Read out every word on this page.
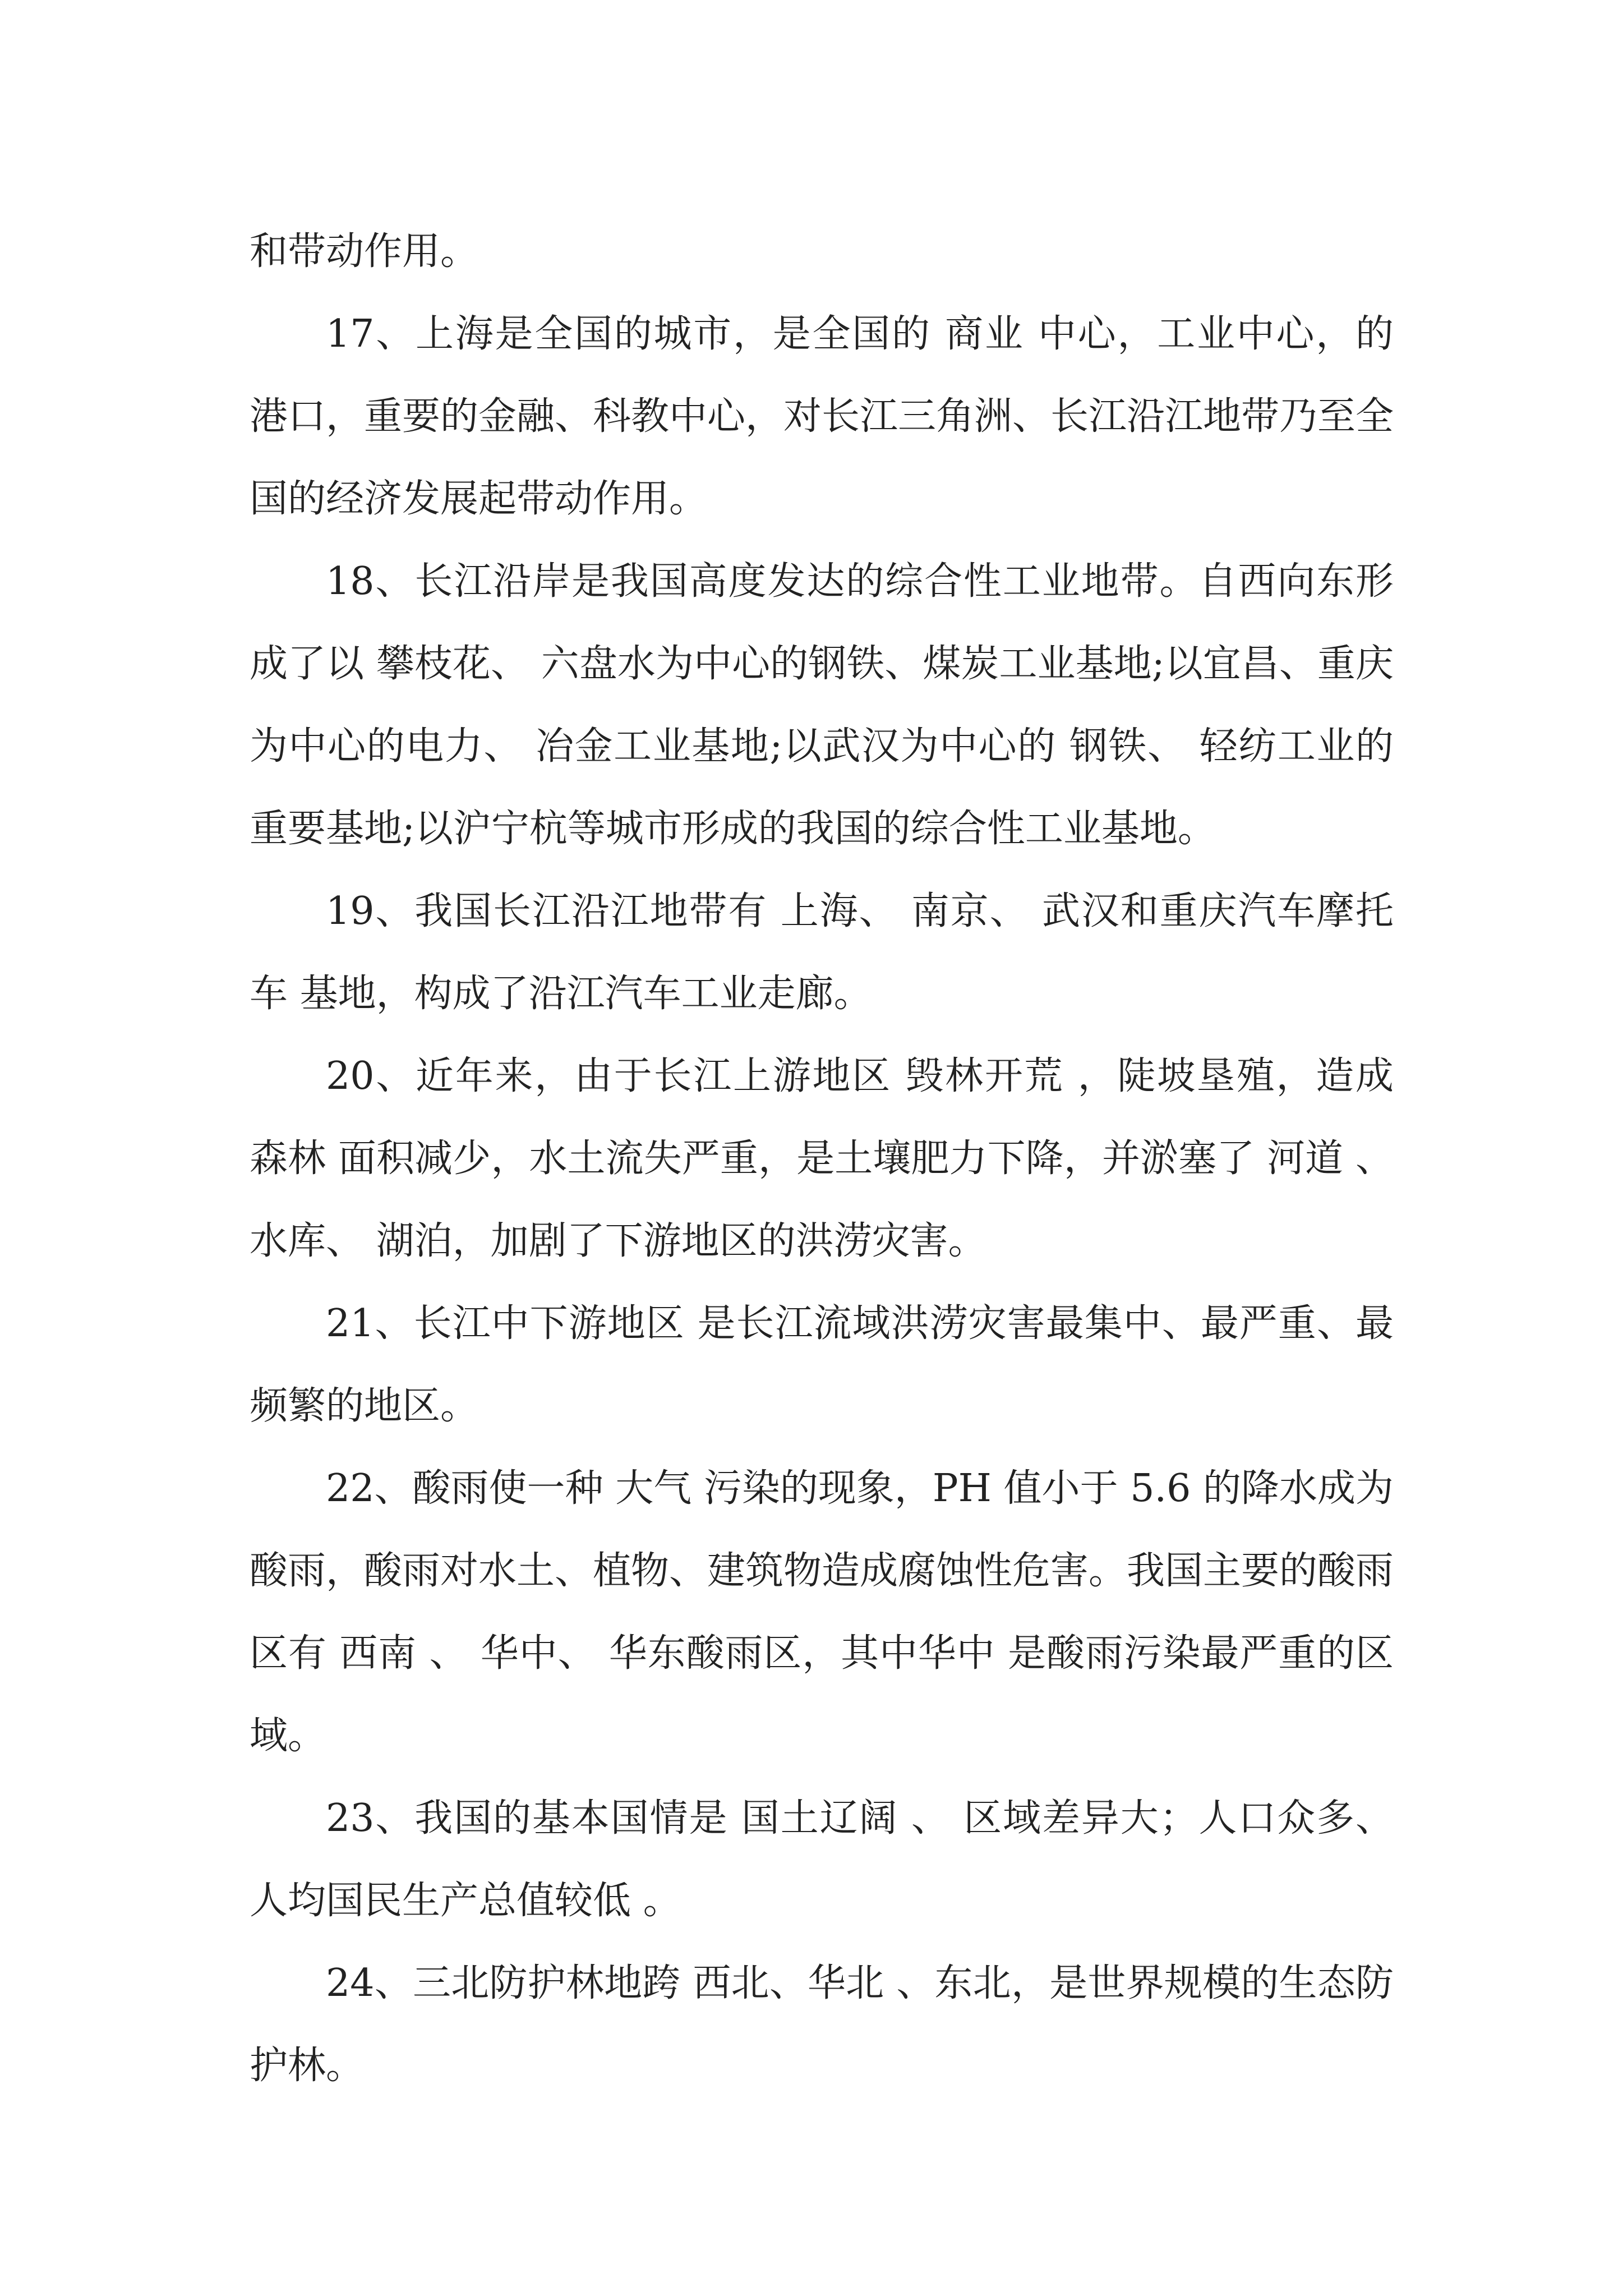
和带动作用。

17、上海是全国的城市，是全国的 商业 中心，工业中心，的 港口，重要的金融、科教中心，对长江三角洲、长江沿江地带乃至全国的经济发展起带动作用。

18、长江沿岸是我国高度发达的综合性工业地带。自西向东形成了以 攀枝花、 六盘水为中心的钢铁、煤炭工业基地;以宜昌、重庆为中心的电力、 冶金工业基地;以武汉为中心的 钢铁、 轻纺工业的重要基地;以沪宁杭等城市形成的我国的综合性工业基地。

19、我国长江沿江地带有 上海、 南京、 武汉和重庆汽车摩托车 基地，构成了沿江汽车工业走廊。

20、近年来，由于长江上游地区 毁林开荒 ，陡坡垦殖，造成 森林 面积减少，水土流失严重，是土壤肥力下降，并淤塞了 河道 、水库、 湖泊，加剧了下游地区的洪涝灾害。

21、长江中下游地区 是长江流域洪涝灾害最集中、最严重、最频繁的地区。

22、酸雨使一种 大气 污染的现象，PH 值小于 5.6 的降水成为酸雨，酸雨对水土、植物、建筑物造成腐蚀性危害。我国主要的酸雨区有 西南 、 华中、 华东酸雨区，其中华中 是酸雨污染最严重的区域。

23、我国的基本国情是 国土辽阔 、 区域差异大；人口众多、 人均国民生产总值较低 。

24、三北防护林地跨 西北、华北 、东北，是世界规模的生态防护林。
